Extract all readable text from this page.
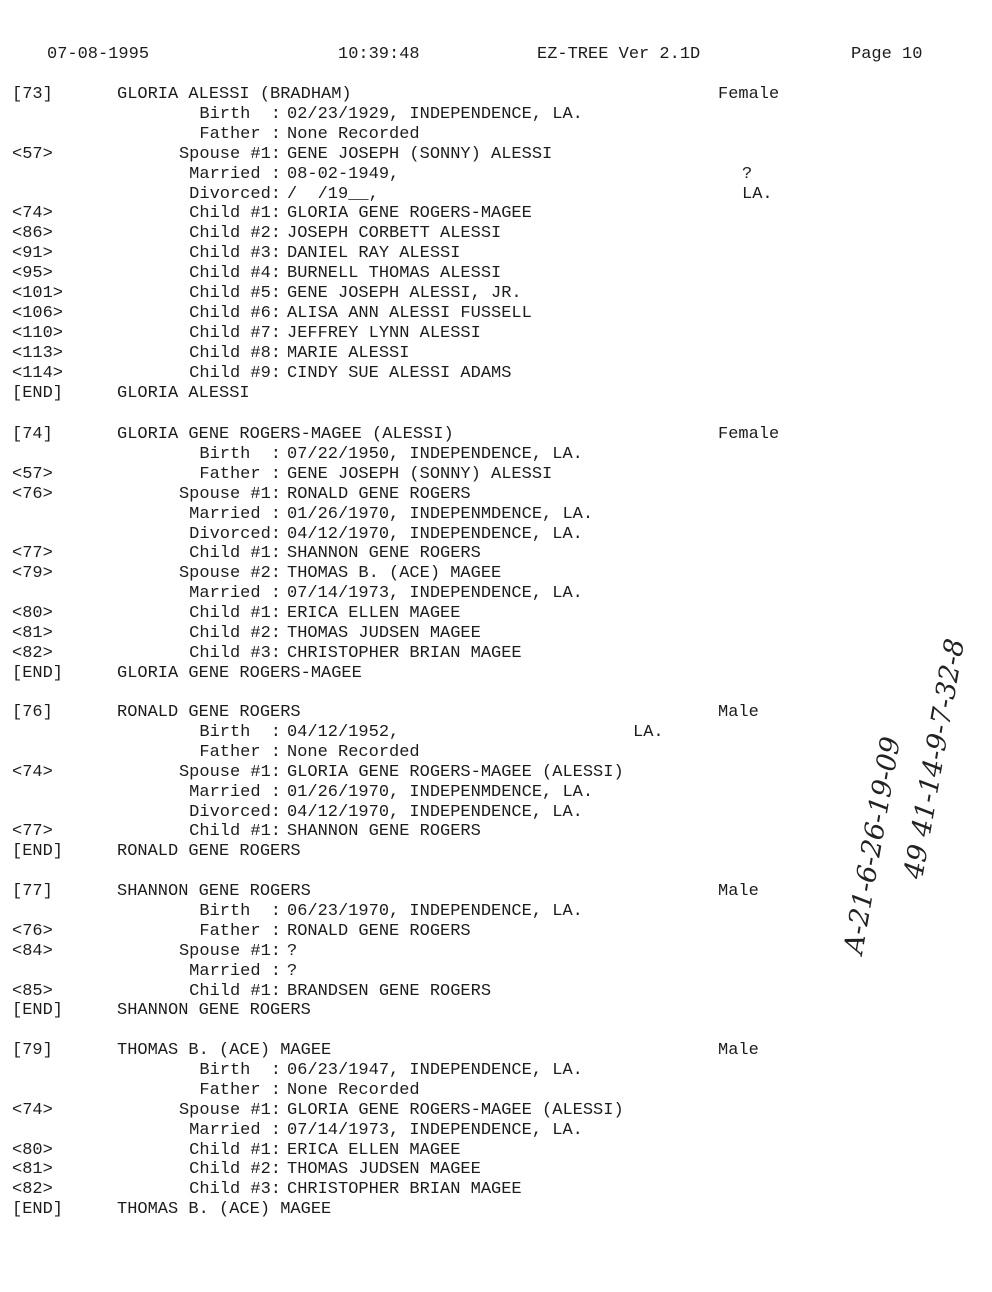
07-08-1995	10:39:48	EZ-TREE Ver 2.1D	Page 10
[73]	GLORIA ALESSI (BRADHAM)	Female
Birth  : 02/23/1929, INDEPENDENCE, LA.
Father : None Recorded
<57>	Spouse #1: GENE JOSEPH (SONNY) ALESSI
Married : 08-02-1949,	?
Divorced: /  /19__,	LA.
<74>	Child #1: GLORIA GENE ROGERS-MAGEE
<86>	Child #2: JOSEPH CORBETT ALESSI
<91>	Child #3: DANIEL RAY ALESSI
<95>	Child #4: BURNELL THOMAS ALESSI
<101>	Child #5: GENE JOSEPH ALESSI, JR.
<106>	Child #6: ALISA ANN ALESSI FUSSELL
<110>	Child #7: JEFFREY LYNN ALESSI
<113>	Child #8: MARIE ALESSI
<114>	Child #9: CINDY SUE ALESSI ADAMS
[END]	GLORIA ALESSI
[74]	GLORIA GENE ROGERS-MAGEE (ALESSI)	Female
Birth  : 07/22/1950, INDEPENDENCE, LA.
<57>	Father : GENE JOSEPH (SONNY) ALESSI
<76>	Spouse #1: RONALD GENE ROGERS
Married : 01/26/1970, INDEPENMDENCE, LA.
Divorced: 04/12/1970, INDEPENDENCE, LA.
<77>	Child #1: SHANNON GENE ROGERS
<79>	Spouse #2: THOMAS B. (ACE) MAGEE
Married : 07/14/1973, INDEPENDENCE, LA.
<80>	Child #1: ERICA ELLEN MAGEE
<81>	Child #2: THOMAS JUDSEN MAGEE
<82>	Child #3: CHRISTOPHER BRIAN MAGEE
[END]	GLORIA GENE ROGERS-MAGEE
[76]	RONALD GENE ROGERS	Male
Birth  : 04/12/1952,	LA.
Father : None Recorded
<74>	Spouse #1: GLORIA GENE ROGERS-MAGEE (ALESSI)
Married : 01/26/1970, INDEPENMDENCE, LA.
Divorced: 04/12/1970, INDEPENDENCE, LA.
<77>	Child #1: SHANNON GENE ROGERS
[END]	RONALD GENE ROGERS
[77]	SHANNON GENE ROGERS	Male
Birth  : 06/23/1970, INDEPENDENCE, LA.
<76>	Father : RONALD GENE ROGERS
<84>	Spouse #1: ?
Married : ?
<85>	Child #1: BRANDSEN GENE ROGERS
[END]	SHANNON GENE ROGERS
[79]	THOMAS B. (ACE) MAGEE	Male
Birth  : 06/23/1947, INDEPENDENCE, LA.
Father : None Recorded
<74>	Spouse #1: GLORIA GENE ROGERS-MAGEE (ALESSI)
Married : 07/14/1973, INDEPENDENCE, LA.
<80>	Child #1: ERICA ELLEN MAGEE
<81>	Child #2: THOMAS JUDSEN MAGEE
<82>	Child #3: CHRISTOPHER BRIAN MAGEE
[END]	THOMAS B. (ACE) MAGEE
A-21-6-26-19-09
49 41-14-9-7-32-8
